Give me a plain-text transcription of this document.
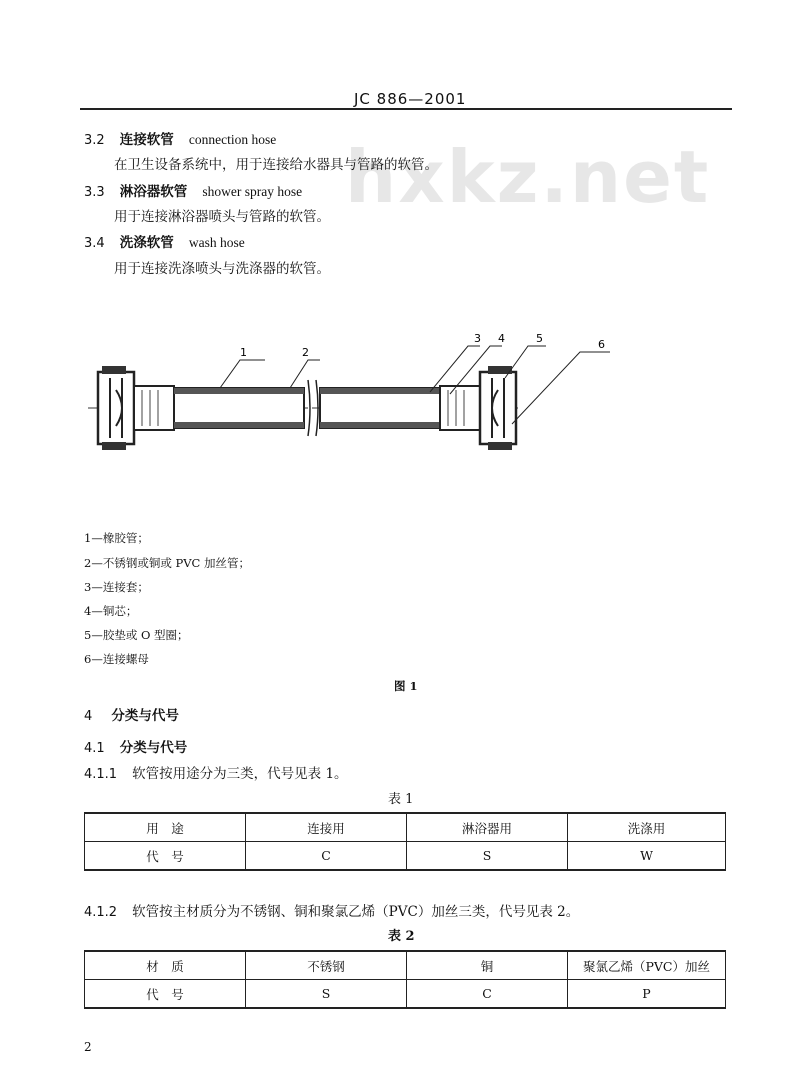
JC 886—2001
hxkz.net
3.2 连接软管 connection hose
在卫生设备系统中，用于连接给水器具与管路的软管。
3.3 淋浴器软管 shower spray hose
用于连接淋浴器喷头与管路的软管。
3.4 洗涤软管 wash hose
用于连接洗涤喷头与洗涤器的软管。
1	2
3 4	5	6
1—橡胶管；
2—不锈钢或铜或 PVC 加丝管；
3—连接套；
4—铜芯；
5—胶垫或 O 型圈；
6—连接螺母
图 1
4 分类与代号
4.1 分类与代号
4.1.1 软管按用途分为三类，代号见表 1。
表 1
用　途	连接用	淋浴器用	洗涤用
代　号	C	S	W
4.1.2 软管按主材质分为不锈钢、铜和聚氯乙烯（PVC）加丝三类，代号见表 2。
表 2
材　质	不锈钢	铜	聚氯乙烯（PVC）加丝
代　号	S	C	P
2
